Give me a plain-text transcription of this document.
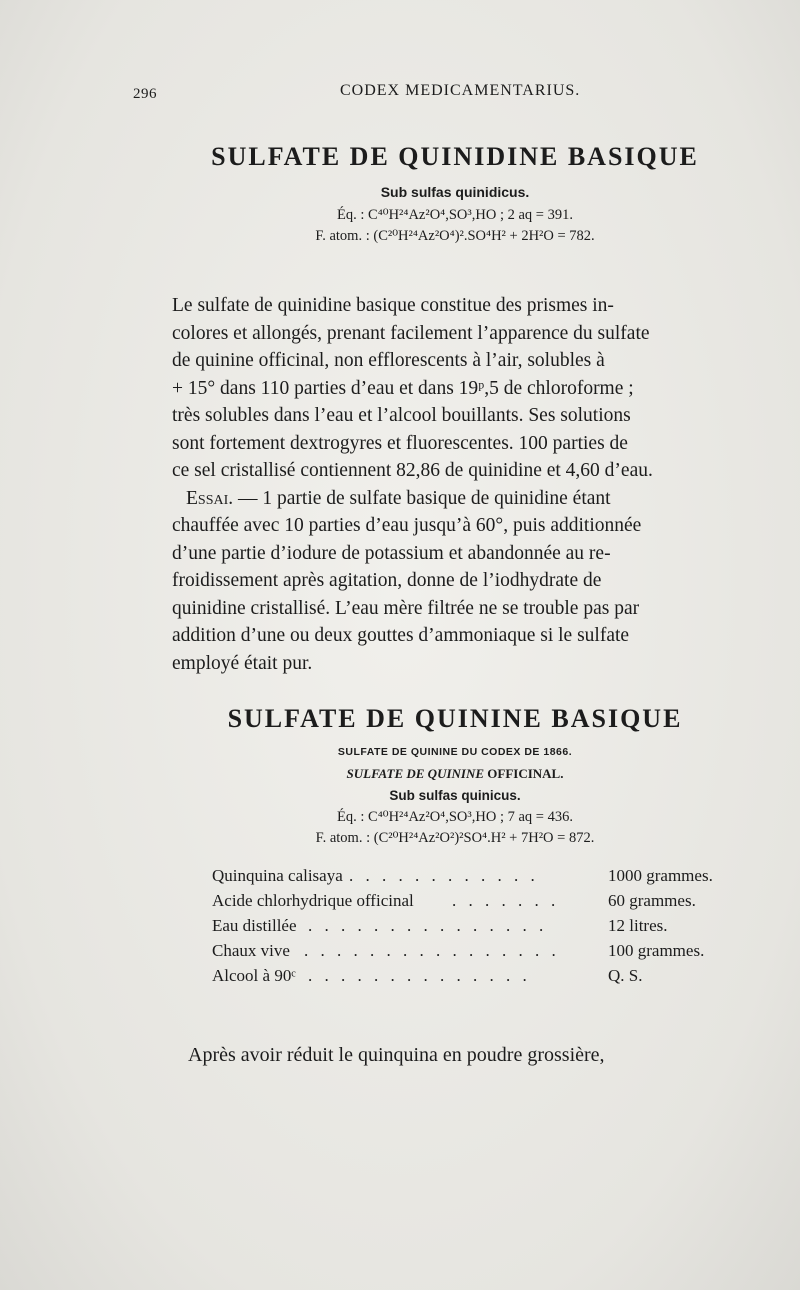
296	CODEX MEDICAMENTARIUS.
SULFATE DE QUINIDINE BASIQUE
Sub sulfas quinidicus.
Éq. : C⁴⁰H²⁴Az²O⁴,SO³,HO ; 2 aq = 391.
F. atom. : (C²⁰H²⁴Az²O⁴)².SO⁴H² + 2H²O = 782.
Le sulfate de quinidine basique constitue des prismes in-
colores et allongés, prenant facilement l’apparence du sulfate
de quinine officinal, non efflorescents à l’air, solubles à
+ 15° dans 110 parties d’eau et dans 19ᵖ,5 de chloroforme ;
très solubles dans l’eau et l’alcool bouillants. Ses solutions
sont fortement dextrogyres et fluorescentes. 100 parties de
ce sel cristallisé contiennent 82,86 de quinidine et 4,60 d’eau.
Essai. — 1 partie de sulfate basique de quinidine étant
chauffée avec 10 parties d’eau jusqu’à 60°, puis additionnée
d’une partie d’iodure de potassium et abandonnée au re-
froidissement après agitation, donne de l’iodhydrate de
quinidine cristallisé. L’eau mère filtrée ne se trouble pas par
addition d’une ou deux gouttes d’ammoniaque si le sulfate
employé était pur.
SULFATE DE QUININE BASIQUE
SULFATE DE QUININE DU CODEX DE 1866.
SULFATE DE QUININE OFFICINAL.
Sub sulfas quinicus.
Éq. : C⁴⁰H²⁴Az²O⁴,SO³,HO ; 7 aq = 436.
F. atom. : (C²⁰H²⁴Az²O²)²SO⁴.H² + 7H²O = 872.
Quinquina calisaya . . . . . . . . . . . .	1000 grammes.
Acide chlorhydrique officinal . . . . . . .	60 grammes.
Eau distillée . . . . . . . . . . . . . . .	12 litres.
Chaux vive . . . . . . . . . . . . . . . .	100 grammes.
Alcool à 90ᶜ . . . . . . . . . . . . . .	Q. S.

Après avoir réduit le quinquina en poudre grossière,
